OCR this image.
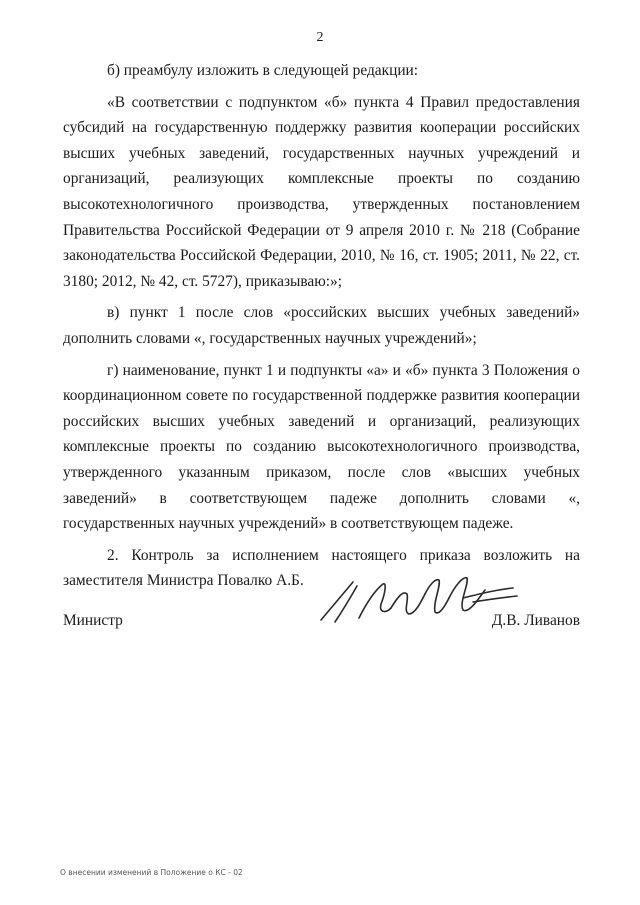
2

б) преамбулу изложить в следующей редакции:

«В соответствии с подпунктом «б» пункта 4 Правил предоставления субсидий на государственную поддержку развития кооперации российских высших учебных заведений, государственных научных учреждений и организаций, реализующих комплексные проекты по созданию высокотехнологичного производства, утвержденных постановлением Правительства Российской Федерации от 9 апреля 2010 г. № 218 (Собрание законодательства Российской Федерации, 2010, № 16, ст. 1905; 2011, № 22, ст. 3180; 2012, № 42, ст. 5727), приказываю:»;

в) пункт 1 после слов «российских высших учебных заведений» дополнить словами «, государственных научных учреждений»;

г) наименование, пункт 1 и подпункты «а» и «б» пункта 3 Положения о координационном совете по государственной поддержке развития кооперации российских высших учебных заведений и организаций, реализующих комплексные проекты по созданию высокотехнологичного производства, утвержденного указанным приказом, после слов «высших учебных заведений» в соответствующем падеже дополнить словами «, государственных научных учреждений» в соответствующем падеже.

2. Контроль за исполнением настоящего приказа возложить на заместителя Министра Повалко А.Б.

Министр	Д.В. Ливанов
О внесении изменений в Положение о КС - 02
